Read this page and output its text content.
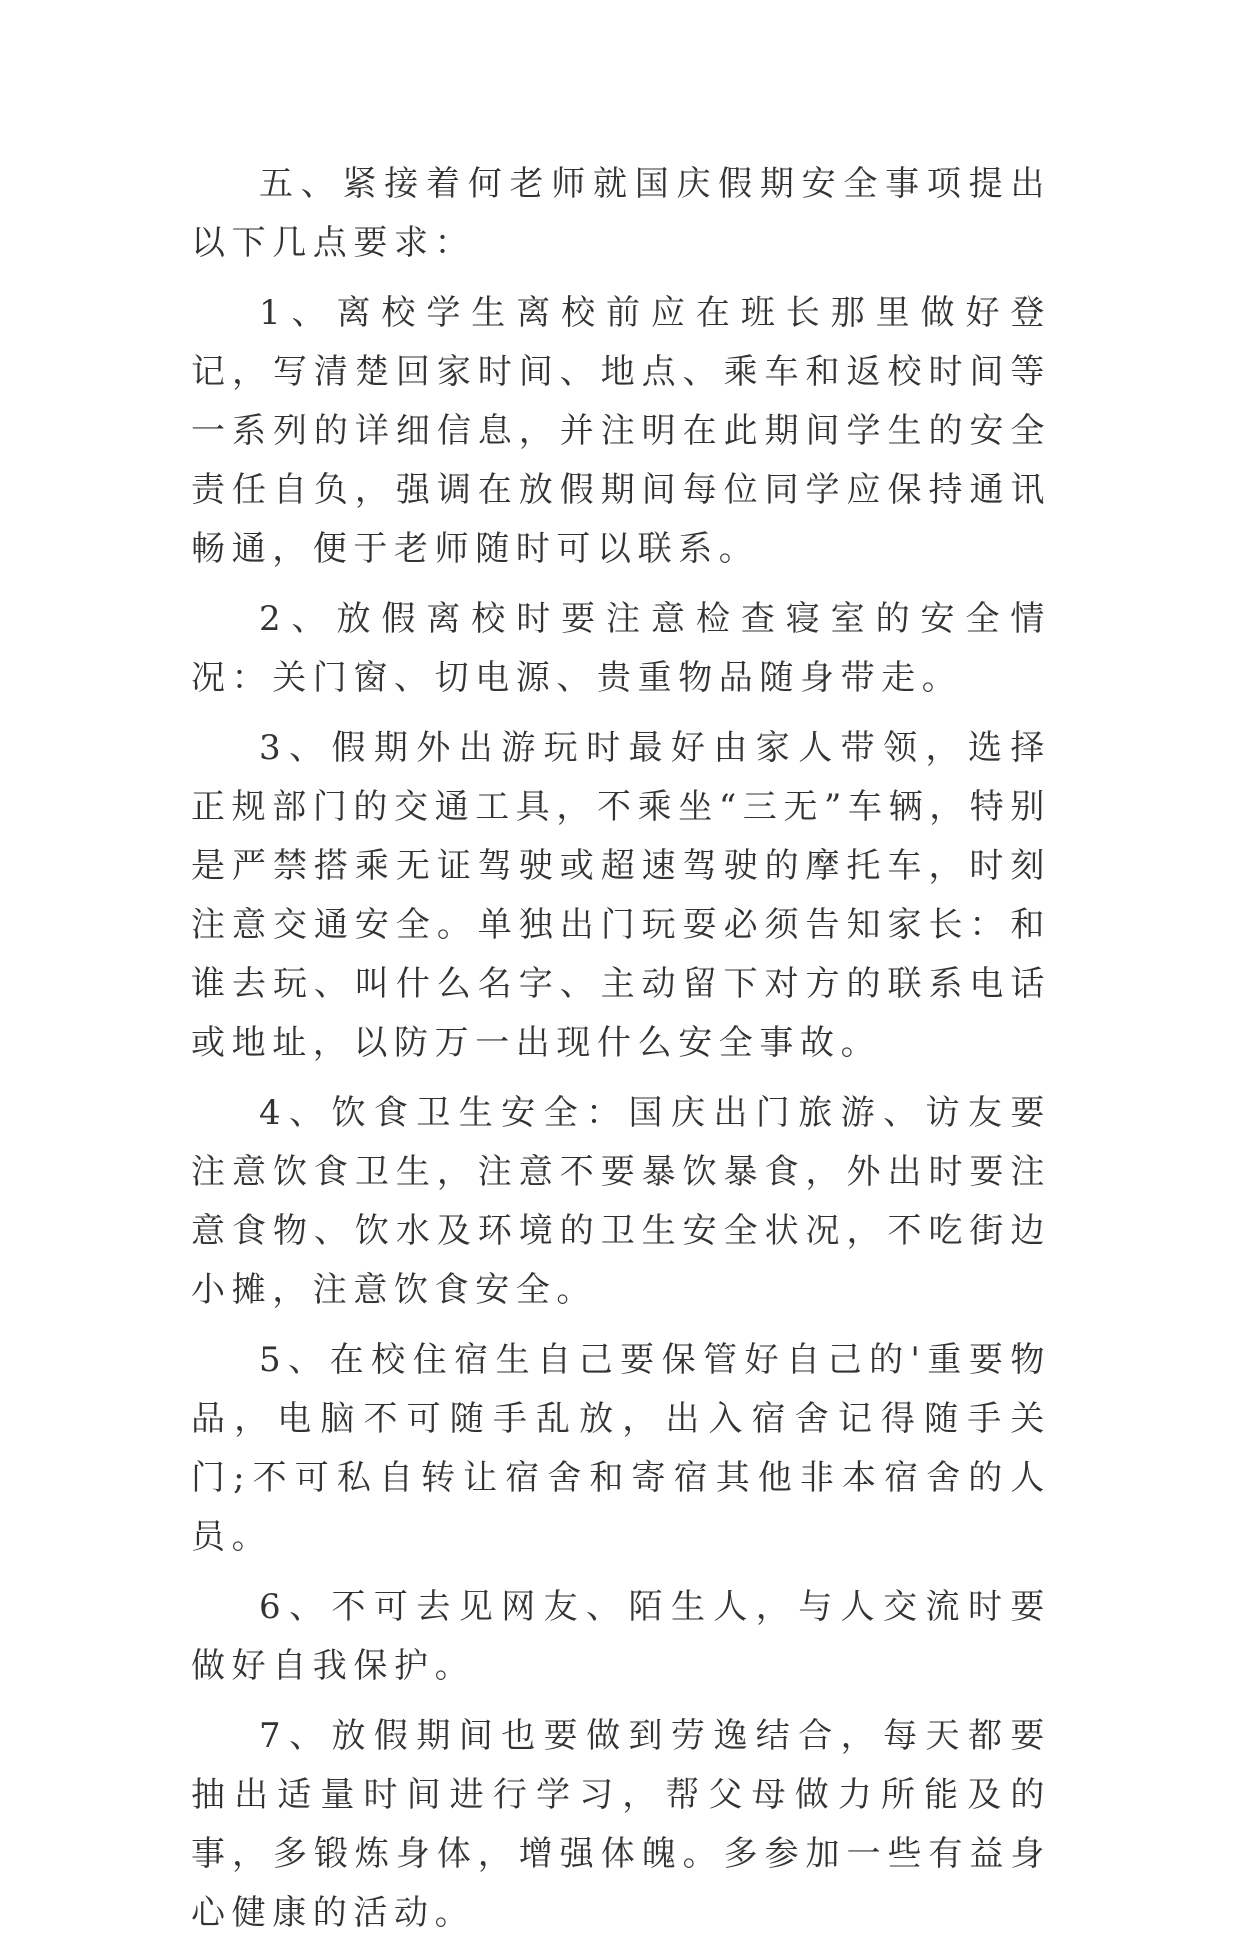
五、紧接着何老师就国庆假期安全事项提出以下几点要求：

1、离校学生离校前应在班长那里做好登记，写清楚回家时间、地点、乘车和返校时间等一系列的详细信息，并注明在此期间学生的安全责任自负，强调在放假期间每位同学应保持通讯畅通，便于老师随时可以联系。

2、放假离校时要注意检查寝室的安全情况：关门窗、切电源、贵重物品随身带走。

3、假期外出游玩时最好由家人带领，选择正规部门的交通工具，不乘坐“三无”车辆，特别是严禁搭乘无证驾驶或超速驾驶的摩托车，时刻注意交通安全。单独出门玩耍必须告知家长：和谁去玩、叫什么名字、主动留下对方的联系电话或地址，以防万一出现什么安全事故。

4、饮食卫生安全：国庆出门旅游、访友要注意饮食卫生，注意不要暴饮暴食，外出时要注意食物、饮水及环境的卫生安全状况，不吃街边小摊，注意饮食安全。

5、在校住宿生自己要保管好自己的'重要物品，电脑不可随手乱放，出入宿舍记得随手关门;不可私自转让宿舍和寄宿其他非本宿舍的人员。

6、不可去见网友、陌生人，与人交流时要做好自我保护。

7、放假期间也要做到劳逸结合，每天都要抽出适量时间进行学习，帮父母做力所能及的事，多锻炼身体，增强体魄。多参加一些有益身心健康的活动。
